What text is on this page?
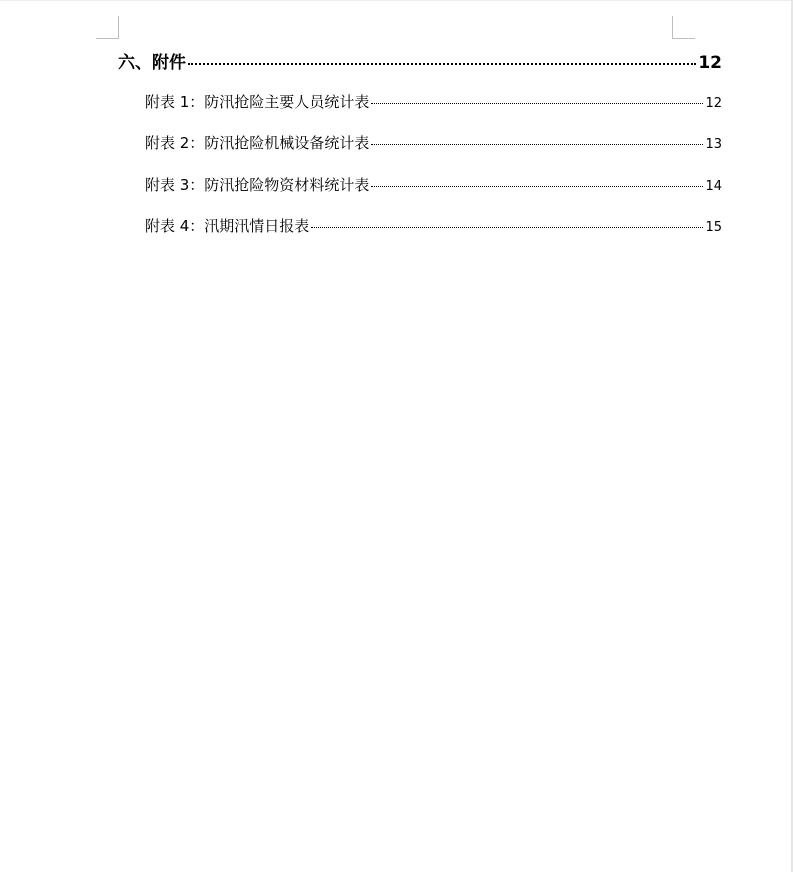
六、附件	12
附表 1：防汛抢险主要人员统计表	12
附表 2：防汛抢险机械设备统计表	13
附表 3：防汛抢险物资材料统计表	14
附表 4：汛期汛情日报表	15
